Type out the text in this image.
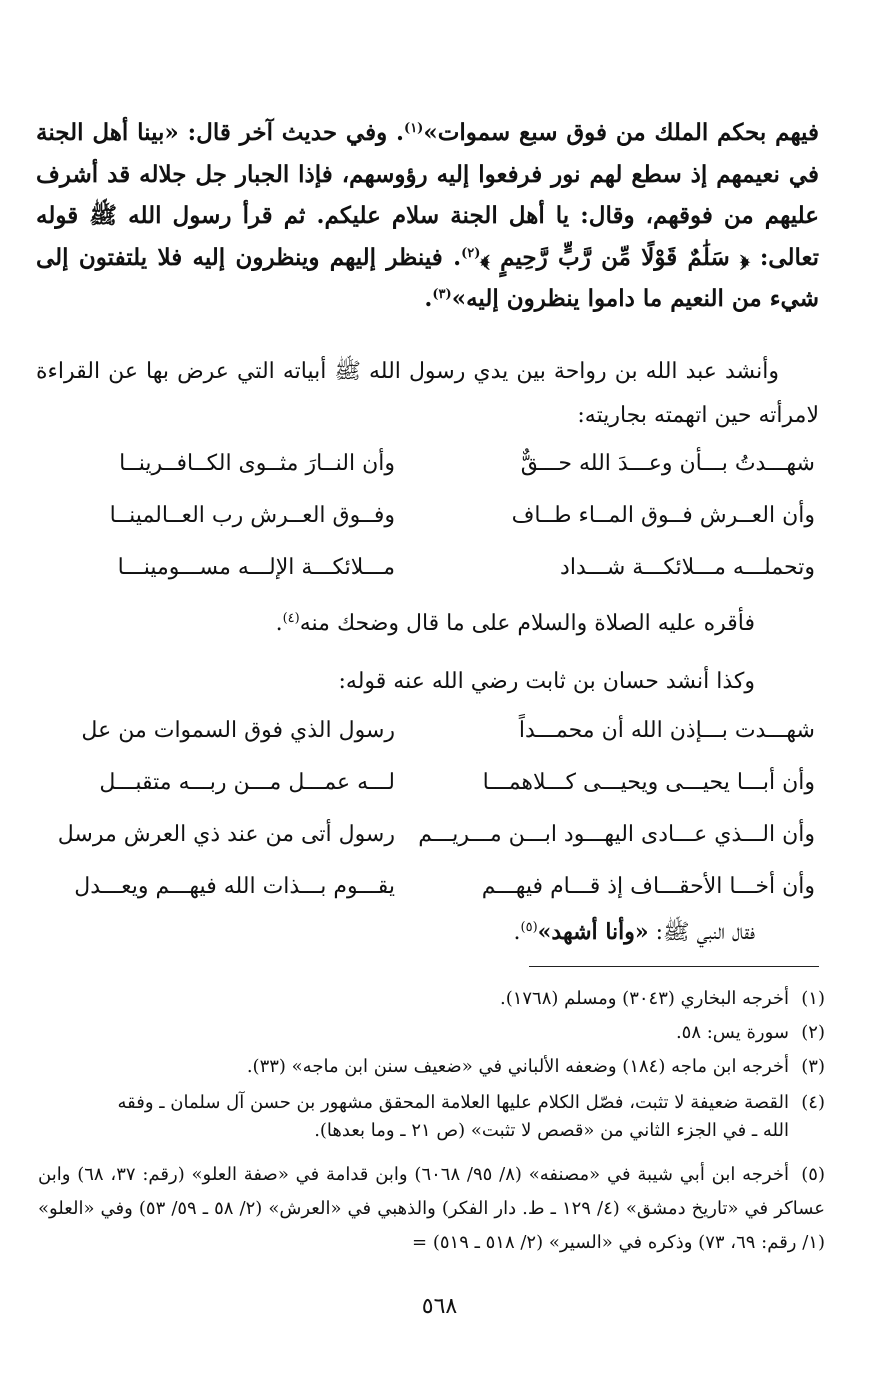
فيهم بحكم الملك من فوق سبع سموات»$^{(١)}$. وفي حديث آخر قال: «بينا أهل الجنة في نعيمهم إذ سطع لهم نور فرفعوا إليه رؤوسهم، فإذا الجبار جل جلاله قد أشرف عليهم من فوقهم، وقال: يا أهل الجنة سلام عليكم. ثم قرأ رسول الله ﷺ قوله تعالى: ﴿ سَلَٰمٌ قَوْلًا مِّن رَّبٍّ رَّحِيمٍ ﴾$^{(٢)}$. فينظر إليهم وينظرون إليه فلا يلتفتون إلى شيء من النعيم ما داموا ينظرون إليه»$^{(٣)}$.
وأنشد عبد الله بن رواحة بين يدي رسول الله ﷺ أبياته التي عرض بها عن القراءة لامرأته حين اتهمته بجاريته:
شهـــدتُ بـــأن وعـــدَ الله حـــقٌّ
وأن النــارَ مثــوى الكــافــرينــا
وأن العــرش فــوق المــاء طــاف
وفــوق العــرش رب العــالمينــا
وتحملـــه مـــلائكـــة شـــداد
مـــلائكـــة الإلـــه مســـومينـــا
فأقره عليه الصلاة والسلام على ما قال وضحك منه$^{(٤)}$.
وكذا أنشد حسان بن ثابت رضي الله عنه قوله:
شهـــدت بـــإذن الله أن محمـــداً
رسول الذي فوق السموات من عل
وأن أبـــا يحيـــى ويحيـــى كـــلاهمـــا
لـــه عمـــل مـــن ربـــه متقبـــل
وأن الـــذي عـــادى اليهـــود ابـــن مـــريـــم
رسول أتى من عند ذي العرش مرسل
وأن أخـــا الأحقـــاف إذ قـــام فيهـــم
يقـــوم بـــذات الله فيهـــم ويعـــدل
فقال النبي ﷺ: «وأنا أشهد»$^{(٥)}$.
(١)أخرجه البخاري (٣٠٤٣) ومسلم (١٧٦٨).
(٢)سورة يس: ٥٨.
(٣)أخرجه ابن ماجه (١٨٤) وضعفه الألباني في «ضعيف سنن ابن ماجه» (٣٣).
(٤)القصة ضعيفة لا تثبت، فصّل الكلام عليها العلامة المحقق مشهور بن حسن آل سلمان ـ وفقه
الله ـ في الجزء الثاني من «قصص لا تثبت» (ص ٢١ ـ وما بعدها).
(٥)أخرجه ابن أبي شيبة في «مصنفه» (٨/ ٩٥/ ٦٠٦٨) وابن قدامة في «صفة العلو» (رقم: ٣٧، ٦٨) وابن عساكر في «تاريخ دمشق» (٤/ ١٢٩ ـ ط. دار الفكر) والذهبي في «العرش» (٢/ ٥٨ ـ ٥٩/ ٥٣) وفي «العلو» (١/ رقم: ٦٩، ٧٣) وذكره في «السير» (٢/ ٥١٨ ـ ٥١٩) =
٥٦٨
